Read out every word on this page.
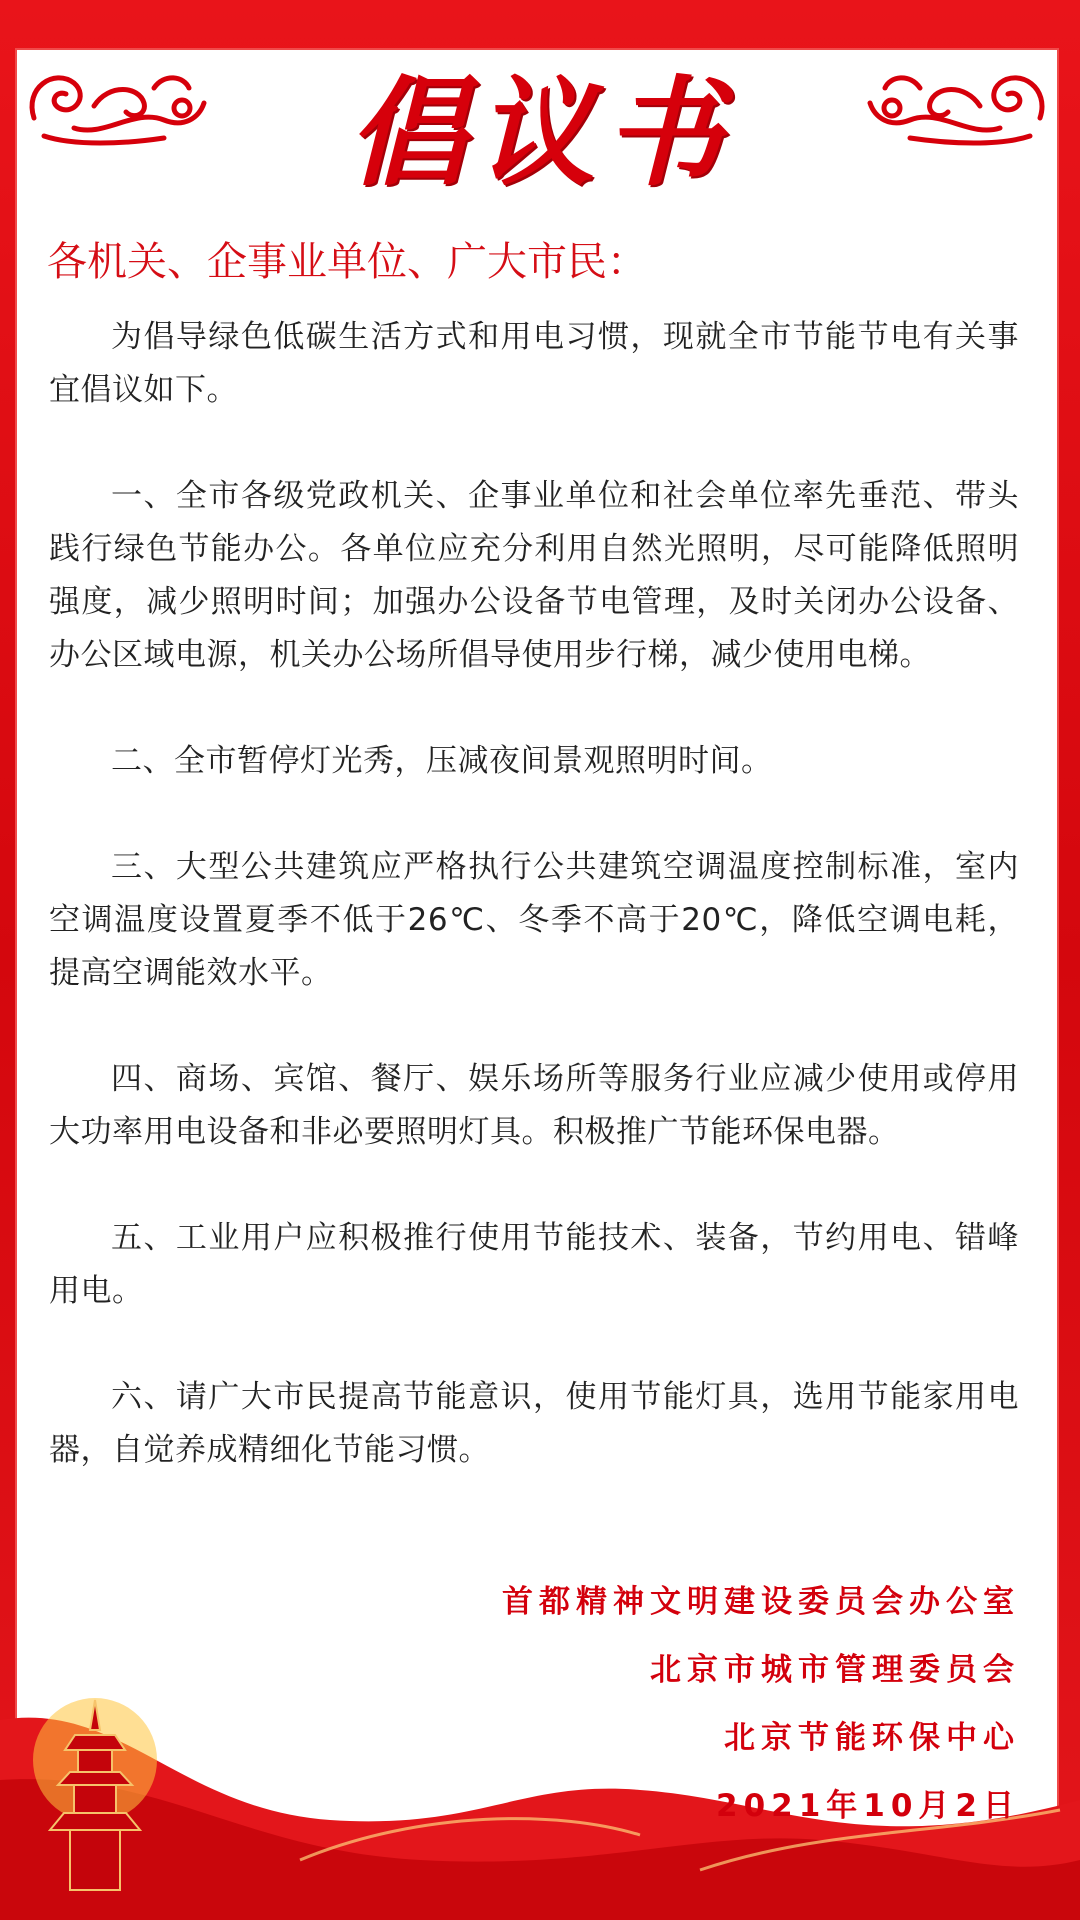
倡议书
各机关、企事业单位、广大市民：

为倡导绿色低碳生活方式和用电习惯，现就全市节能节电有关事宜倡议如下。

一、全市各级党政机关、企事业单位和社会单位率先垂范、带头践行绿色节能办公。各单位应充分利用自然光照明，尽可能降低照明强度，减少照明时间；加强办公设备节电管理，及时关闭办公设备、办公区域电源，机关办公场所倡导使用步行梯，减少使用电梯。

二、全市暂停灯光秀，压减夜间景观照明时间。

三、大型公共建筑应严格执行公共建筑空调温度控制标准，室内空调温度设置夏季不低于26℃、冬季不高于20℃，降低空调电耗，提高空调能效水平。

四、商场、宾馆、餐厅、娱乐场所等服务行业应减少使用或停用大功率用电设备和非必要照明灯具。积极推广节能环保电器。

五、工业用户应积极推行使用节能技术、装备，节约用电、错峰用电。

六、请广大市民提高节能意识，使用节能灯具，选用节能家用电器，自觉养成精细化节能习惯。

首都精神文明建设委员会办公室
北京市城市管理委员会
北京节能环保中心
2021年10月2日
